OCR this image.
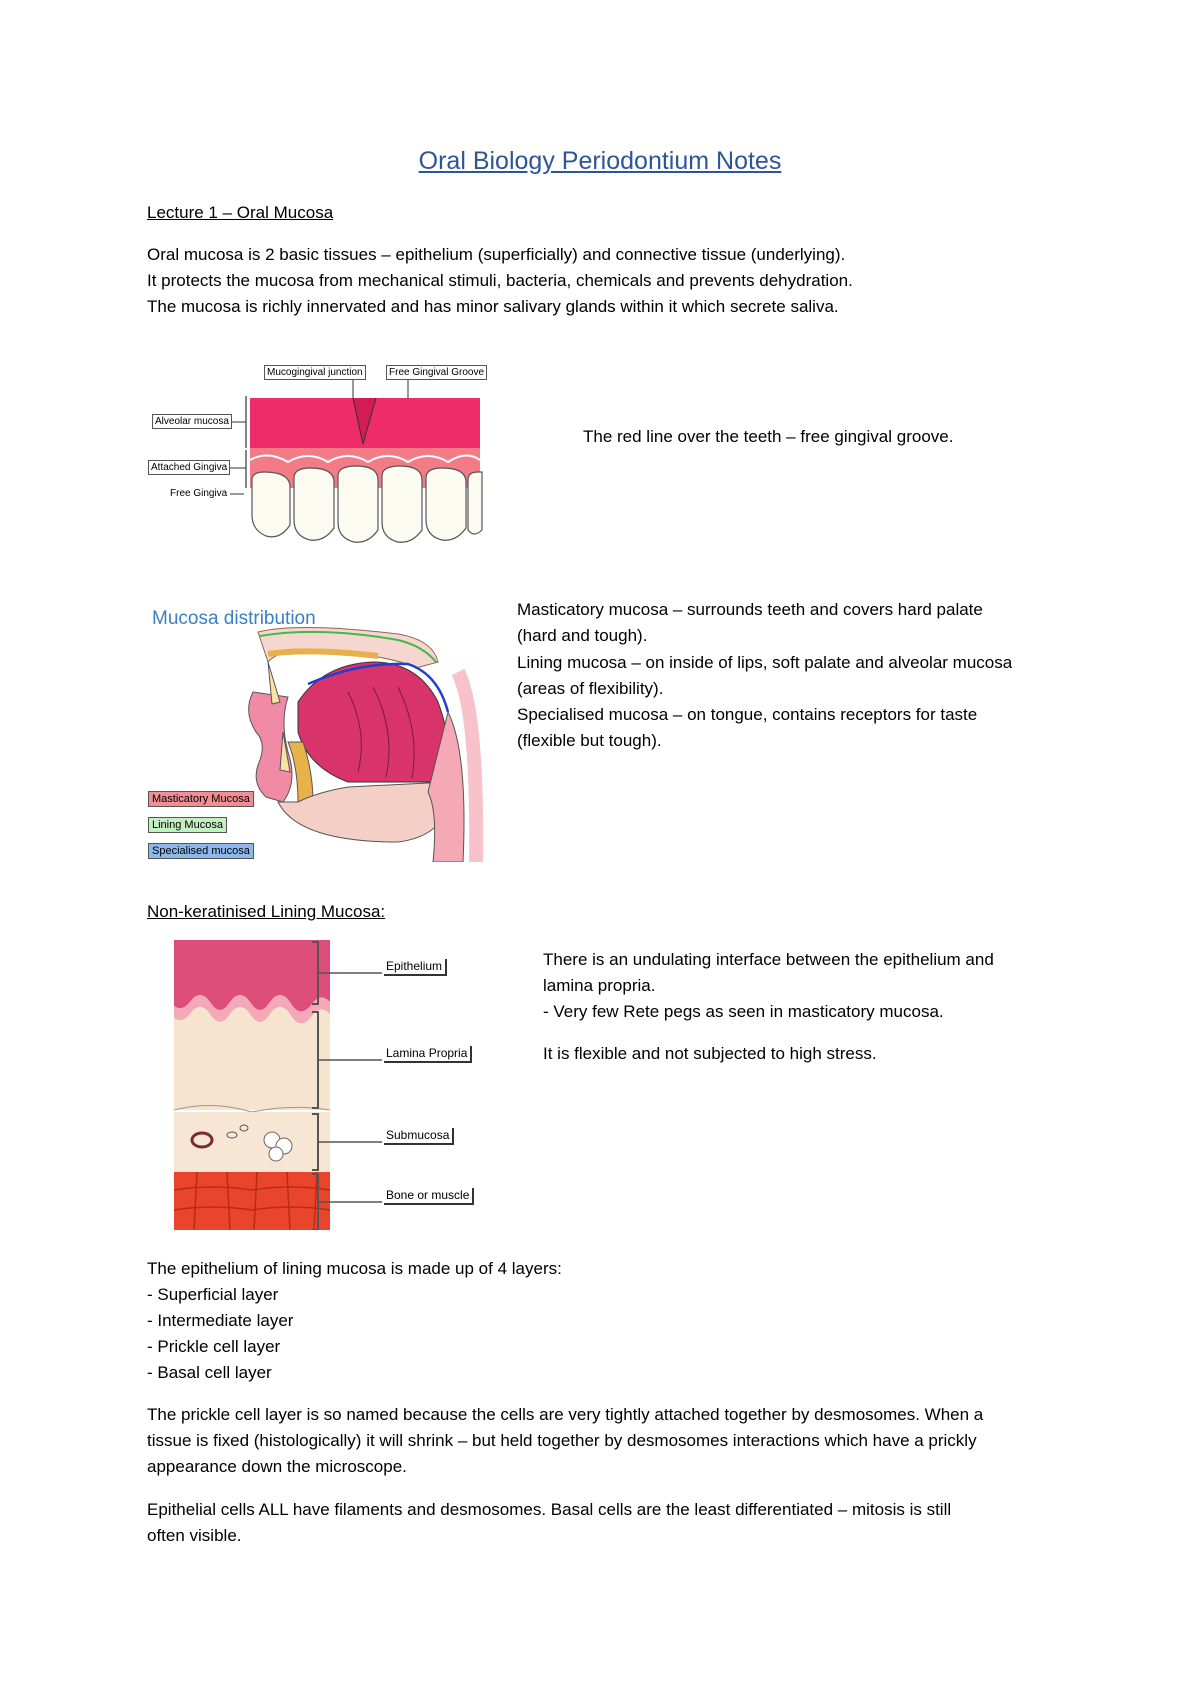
Oral Biology Periodontium Notes
Lecture 1 – Oral Mucosa
Oral mucosa is 2 basic tissues – epithelium (superficially) and connective tissue (underlying).
It protects the mucosa from mechanical stimuli, bacteria, chemicals and prevents dehydration.
The mucosa is richly innervated and has minor salivary glands within it which secrete saliva.
Mucogingival junction	Free Gingival Groove
Alveolar mucosa
Attached Gingiva
Free Gingiva
The red line over the teeth – free gingival groove.
Mucosa distribution
Masticatory Mucosa
Lining Mucosa
Specialised mucosa
Masticatory mucosa – surrounds teeth and covers hard palate
(hard and tough).
Lining mucosa – on inside of lips, soft palate and alveolar mucosa
(areas of flexibility).
Specialised mucosa – on tongue, contains receptors for taste
(flexible but tough).
Non-keratinised Lining Mucosa:
Epithelium
Lamina Propria
Submucosa
Bone or muscle
There is an undulating interface between the epithelium and
lamina propria.
- Very few Rete pegs as seen in masticatory mucosa.
It is flexible and not subjected to high stress.
The epithelium of lining mucosa is made up of 4 layers:
- Superficial layer
- Intermediate layer
- Prickle cell layer
- Basal cell layer
The prickle cell layer is so named because the cells are very tightly attached together by desmosomes. When a
tissue is fixed (histologically) it will shrink – but held together by desmosomes interactions which have a prickly
appearance down the microscope.
Epithelial cells ALL have filaments and desmosomes. Basal cells are the least differentiated – mitosis is still
often visible.
